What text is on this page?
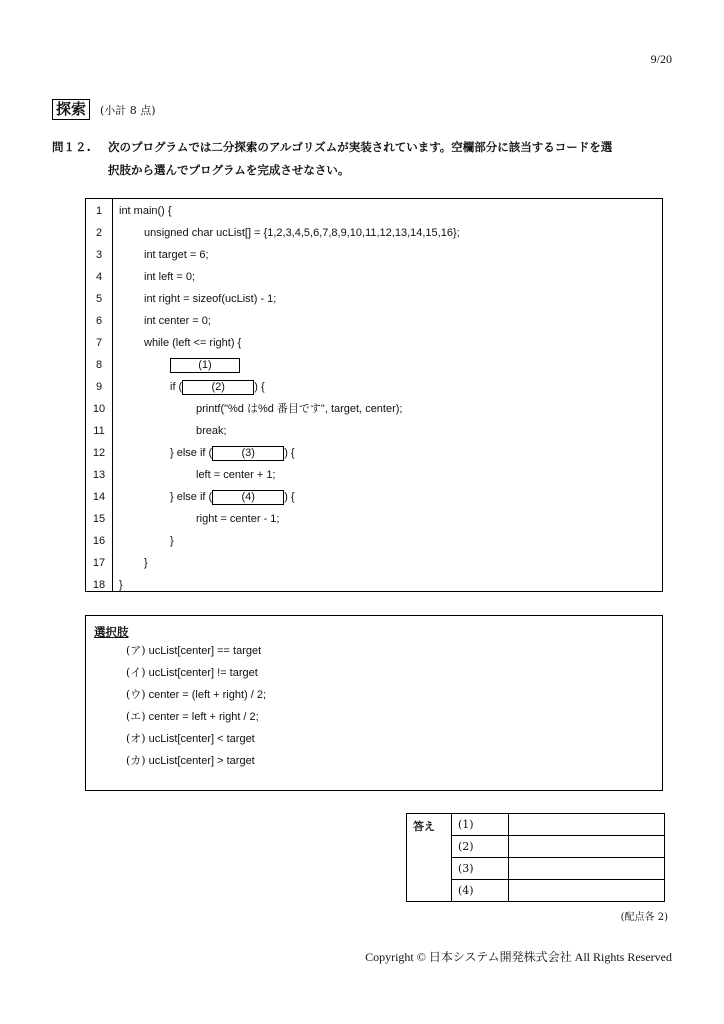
9/20
探索	(小計 8 点)
問１２. 次のプログラムでは二分探索のアルゴリズムが実装されています。空欄部分に該当するコードを選
択肢から選んでプログラムを完成させなさい。
1	int main() {
2	unsigned char ucList[] = {1,2,3,4,5,6,7,8,9,10,11,12,13,14,15,16};
3	int target = 6;
4	int left = 0;
5	int right = sizeof(ucList) - 1;
6	int center = 0;
7	while (left <= right) {
8	(1)
9	if (	(2)	) {
10	printf("%d は%d 番目です", target, center);
11	break;
12	} else if (	(3)	) {
13	left = center + 1;
14	} else if (	(4)	) {
15	right = center - 1;
16	}
17	}
18	}
選択肢
(ア) ucList[center] == target
(イ) ucList[center] != target
(ウ) center = (left + right) / 2;
(エ) center = left + right / 2;
(オ) ucList[center] < target
(カ) ucList[center] > target
答え	(1)	
	(2)	
	(3)	
	(4)	
(配点各 2)
Copyright © 日本システム開発株式会社 All Rights Reserved
